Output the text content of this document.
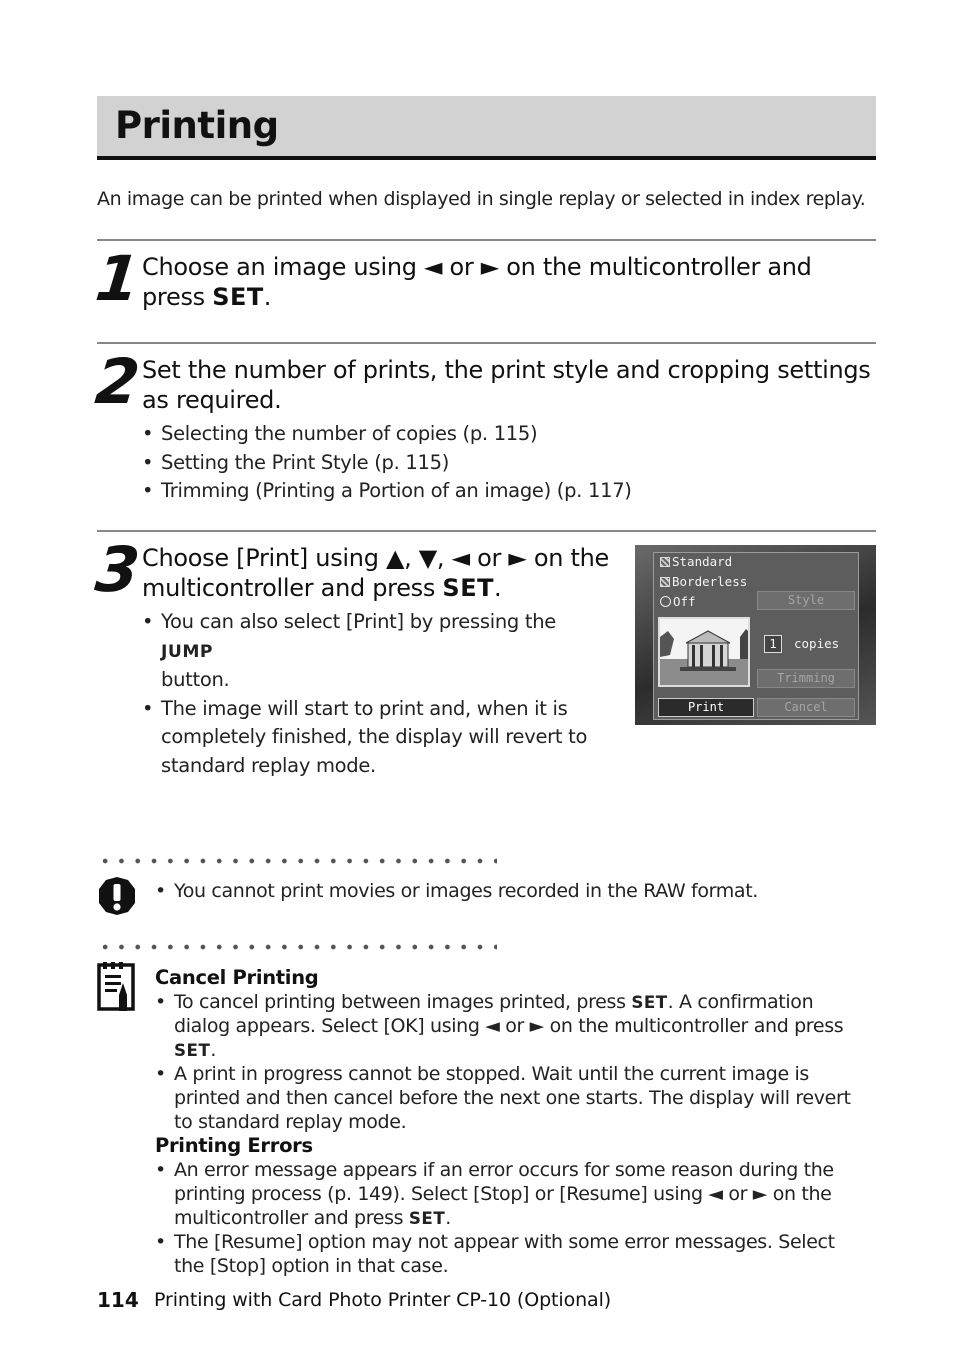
Printing

An image can be printed when displayed in single replay or selected in index replay.

1
Choose an image using ◄ or ► on the multicontroller and
press SET.
2
Set the number of prints, the print style and cropping settings
as required.
• Selecting the number of copies (p. 115)
• Setting the Print Style (p. 115)
• Trimming (Printing a Portion of an image) (p. 117)
3
Choose [Print] using ▲, ▼, ◄ or ► on the
multicontroller and press SET.
• You can also select [Print] by pressing the JUMP
button.
• The image will start to print and, when it is completely finished, the display will revert to standard replay mode.
Standard
Borderless
Off	Style
1	copies
Trimming
Print	Cancel
• You cannot print movies or images recorded in the RAW format.
Cancel Printing
• To cancel printing between images printed, press SET. A confirmation dialog appears. Select [OK] using ◄ or ► on the multicontroller and press SET.
• A print in progress cannot be stopped. Wait until the current image is printed and then cancel before the next one starts. The display will revert to standard replay mode.
Printing Errors
• An error message appears if an error occurs for some reason during the printing process (p. 149). Select [Stop] or [Resume] using ◄ or ► on the multicontroller and press SET.
• The [Resume] option may not appear with some error messages. Select the [Stop] option in that case.
114 Printing with Card Photo Printer CP-10 (Optional)
